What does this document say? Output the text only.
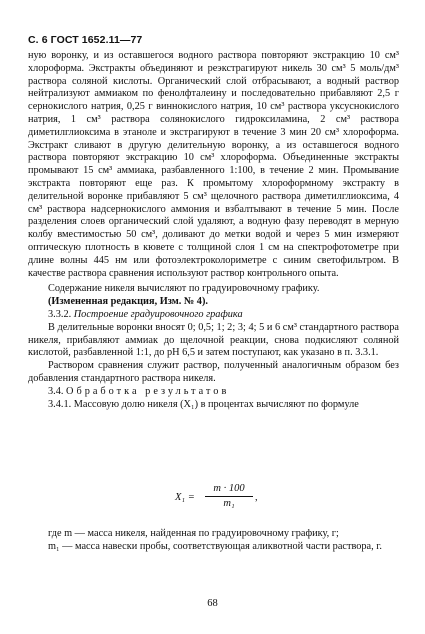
С. 6 ГОСТ 1652.11—77

ную воронку, и из оставшегося водного раствора повторяют экстракцию 10 см³ хлороформа. Экстракты объединяют и реэкстрагируют никель 30 см³ 5 моль/дм³ раствора соляной кислоты. Органический слой отбрасывают, а водный раствор нейтрализуют аммиаком по фенолфталеину и последовательно прибавляют 2,5 г сернокислого натрия, 0,25 г виннокислого натрия, 10 см³ раствора уксуснокислого натрия, 1 см³ раствора солянокислого гидроксиламина, 2 см³ раствора диметилглиоксима в этаноле и экстрагируют в течение 3 мин 20 см³ хлороформа. Экстракт сливают в другую делительную воронку, а из оставшегося водного раствора повторяют экстракцию 10 см³ хлороформа. Объединенные экстракты промывают 15 см³ аммиака, разбавленного 1:100, в течение 2 мин. Промывание экстракта повторяют еще раз. К промытому хлороформному экстракту в делительной воронке прибавляют 5 см³ щелочного раствора диметилглиоксима, 4 см³ раствора надсернокислого аммония и взбалтывают в течение 5 мин. После разделения слоев органический слой удаляют, а водную фазу переводят в мерную колбу вместимостью 50 см³, доливают до метки водой и через 5 мин измеряют оптическую плотность в кювете с толщиной слоя 1 см на спектрофотометре при длине волны 445 нм или фотоэлектроколориметре с синим светофильтром. В качестве раствора сравнения используют раствор контрольного опыта.

Содержание никеля вычисляют по градуировочному графику.

(Измененная редакция, Изм. № 4).

3.3.2. Построение градуировочного графика

В делительные воронки вносят 0; 0,5; 1; 2; 3; 4; 5 и 6 см³ стандартного раствора никеля, прибавляют аммиак до щелочной реакции, снова подкисляют соляной кислотой, разбавленной 1:1, до pH 6,5 и затем поступают, как указано в п. 3.3.1.

Раствором сравнения служит раствор, полученный аналогичным образом без добавления стандартного раствора никеля.

3.4. Обработка результатов

3.4.1. Массовую долю никеля (X₁) в процентах вычисляют по формуле

X₁ =
m · 100
m₁
,

где m — масса никеля, найденная по градуировочному графику, г;

m₁ — масса навески пробы, соответствующая аликвотной части раствора, г.

68
